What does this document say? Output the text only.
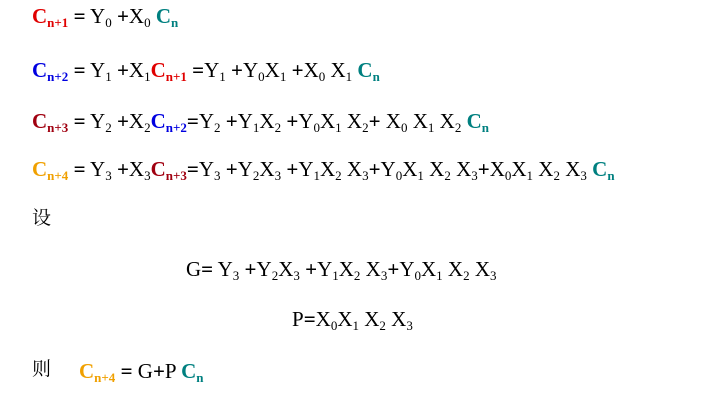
$C_{n+1} = Y_0 +X_0$ $C_n$
$C_{n+2} = Y_1 +X_1C_{n+1} =Y_1 +Y_0X_1 +X_0$ $X_1$ $C_n$
$C_{n+3} = Y_2 +X_2C_{n+2}=Y_2 +Y_1X_2 +Y_0X_1$ $X_2+ X_0$ $X_1$ $X_2$ $C_n$
$C_{n+4} = Y_3 +X_3C_{n+3}=Y_3 +Y_2X_3 +Y_1X_2$ $X_3+Y_0X_1$ $X_2$ $X_3+X_0X_1$ $X_2$ $X_3$ $C_n$
设
$G= Y_3 +Y_2X_3 +Y_1X_2$ $X_3+Y_0X_1$ $X_2$ $X_3$
$P=X_0X_1$ $X_2$ $X_3$
则 $C_{n+4} = G+P$ $C_n$
